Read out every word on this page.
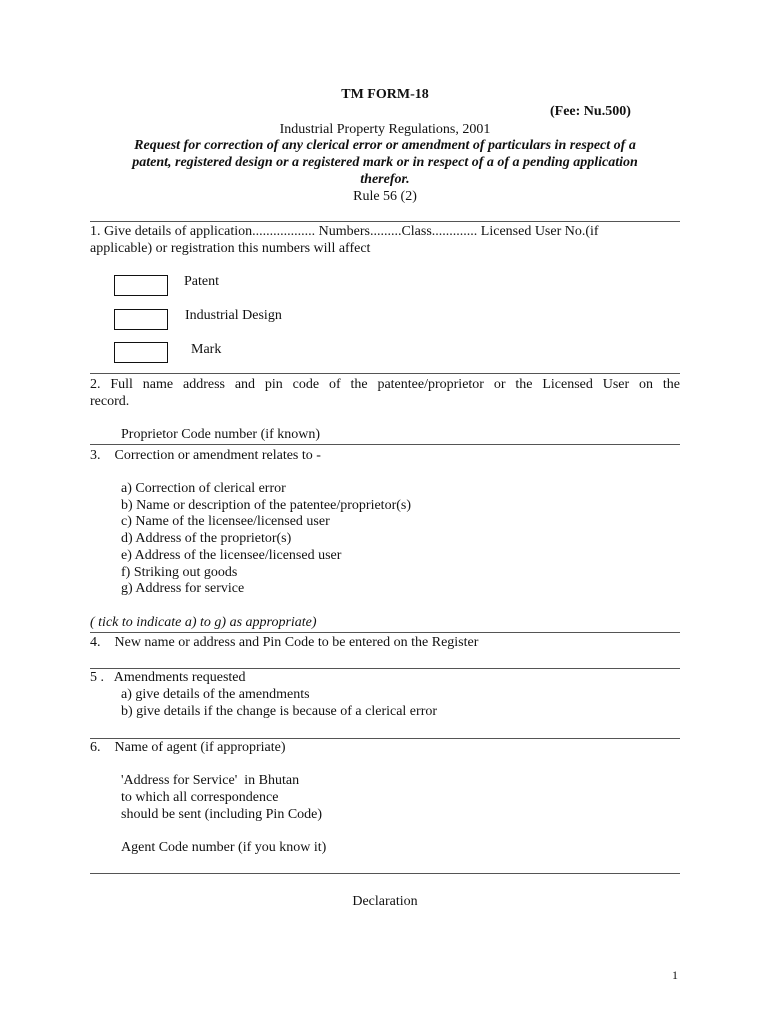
TM FORM-18
(Fee: Nu.500)
Industrial Property Regulations, 2001
Request for correction of any clerical error or amendment of particulars in respect of a
patent, registered design or a registered mark or in respect of a of a pending application
therefor.
Rule 56 (2)
1. Give details of application.................. Numbers.........Class............. Licensed User No.(if
applicable) or registration this numbers will affect
Patent
Industrial Design
Mark
2. Full name address and pin code of the patentee/proprietor or the Licensed User on the
record.
Proprietor Code number (if known)
3.    Correction or amendment relates to -
a) Correction of clerical error
b) Name or description of the patentee/proprietor(s)
c) Name of the licensee/licensed user
d) Address of the proprietor(s)
e) Address of the licensee/licensed user
f) Striking out goods
g) Address for service
( tick to indicate a) to g) as appropriate)
4.    New name or address and Pin Code to be entered on the Register
5 .   Amendments requested
a) give details of the amendments
b) give details if the change is because of a clerical error
6.    Name of agent (if appropriate)
'Address for Service'  in Bhutan
to which all correspondence
should be sent (including Pin Code)
Agent Code number (if you know it)
Declaration
1
